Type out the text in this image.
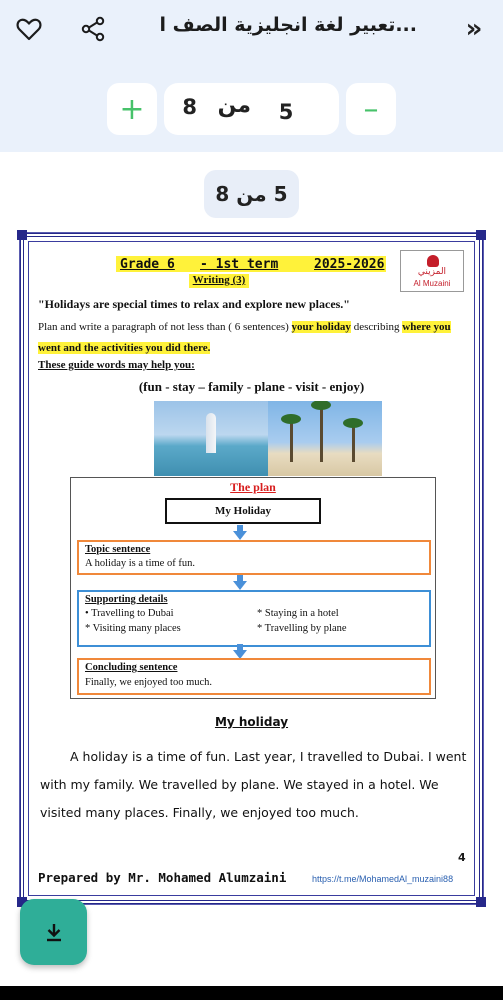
تعبير لغة انجليزية الصف ا...	»
+
5	من
8	–
5 من 8
Grade 6 - 1st term	2025-2026
Writing (3)
المزيني
Al Muzaini
"Holidays are special times to relax and explore new places."
Plan and write a paragraph of not less than ( 6 sentences) your holiday describing where you went and the activities you did there.
These guide words may help you:
(fun - stay – family - plane - visit - enjoy)
The plan
My Holiday
Topic sentence
A holiday is a time of fun.
Supporting details
• Travelling to Dubai
* Visiting many places
* Staying in a hotel
* Travelling by plane
Concluding sentence
Finally, we enjoyed too much.
My holiday
A holiday is a time of fun. Last year, I travelled to Dubai. I went with my family. We travelled by plane. We stayed in a hotel. We visited many places. Finally, we enjoyed too much.
4
Prepared by Mr. Mohamed Alumzaini	https://t.me/MohamedAl_muzaini88
